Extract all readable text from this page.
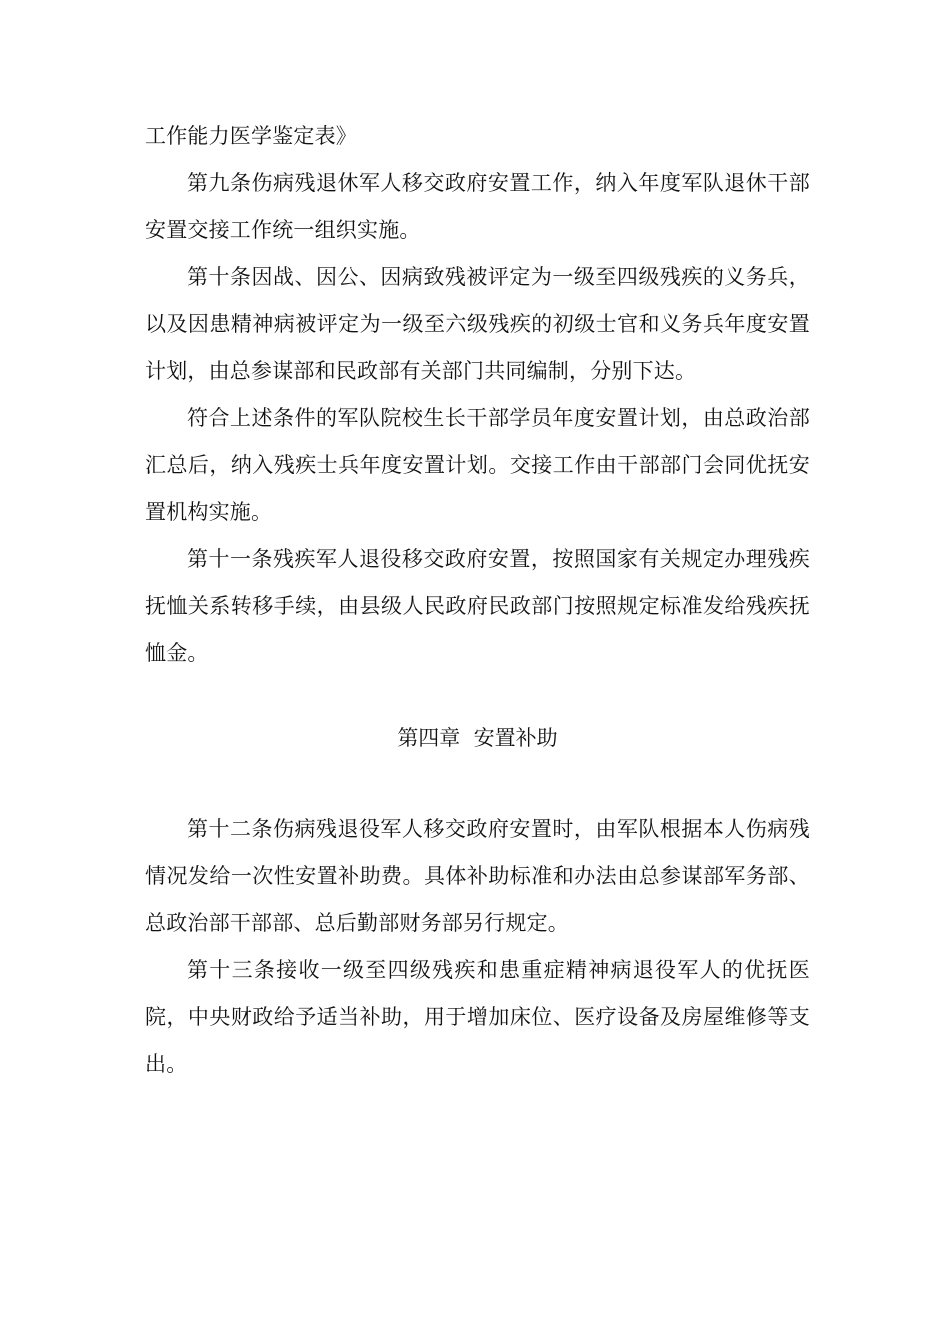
工作能力医学鉴定表》

第九条伤病残退休军人移交政府安置工作，纳入年度军队退休干部安置交接工作统一组织实施。

第十条因战、因公、因病致残被评定为一级至四级残疾的义务兵，以及因患精神病被评定为一级至六级残疾的初级士官和义务兵年度安置计划，由总参谋部和民政部有关部门共同编制，分别下达。

符合上述条件的军队院校生长干部学员年度安置计划，由总政治部汇总后，纳入残疾士兵年度安置计划。交接工作由干部部门会同优抚安置机构实施。

第十一条残疾军人退役移交政府安置，按照国家有关规定办理残疾抚恤关系转移手续，由县级人民政府民政部门按照规定标准发给残疾抚恤金。

第四章  安置补助

第十二条伤病残退役军人移交政府安置时，由军队根据本人伤病残情况发给一次性安置补助费。具体补助标准和办法由总参谋部军务部、总政治部干部部、总后勤部财务部另行规定。

第十三条接收一级至四级残疾和患重症精神病退役军人的优抚医院，中央财政给予适当补助，用于增加床位、医疗设备及房屋维修等支出。
